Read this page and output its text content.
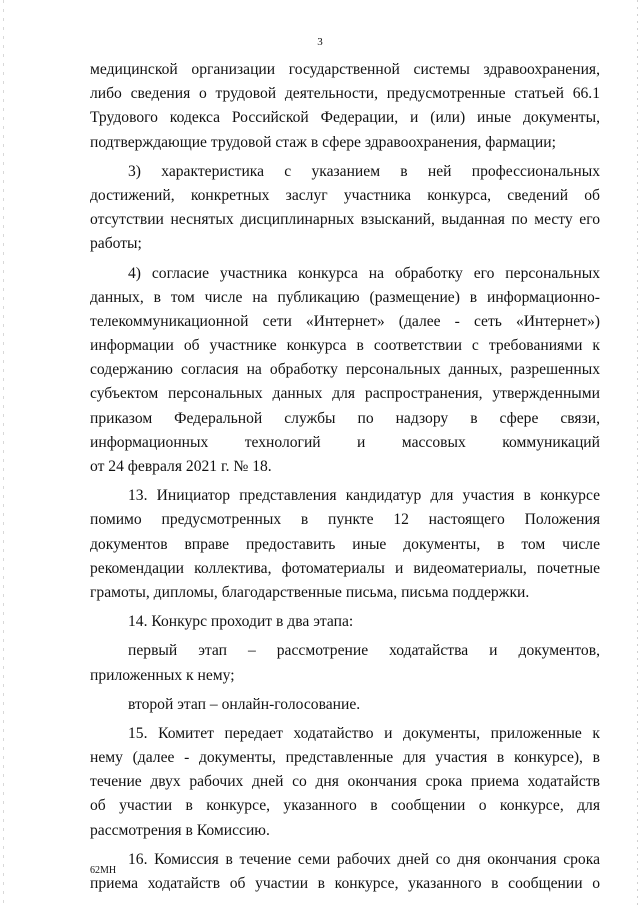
3
медицинской организации государственной системы здравоохранения,
либо сведения о трудовой деятельности, предусмотренные статьей 66.1
Трудового кодекса Российской Федерации, и (или) иные документы,
подтверждающие трудовой стаж в сфере здравоохранения, фармации;
3) характеристика с указанием в ней профессиональных
достижений, конкретных заслуг участника конкурса, сведений об
отсутствии неснятых дисциплинарных взысканий, выданная по месту его
работы;
4) согласие участника конкурса на обработку его персональных
данных, в том числе на публикацию (размещение) в информационно-
телекоммуникационной сети «Интернет» (далее - сеть «Интернет»)
информации об участнике конкурса в соответствии с требованиями к
содержанию согласия на обработку персональных данных, разрешенных
субъектом персональных данных для распространения, утвержденными
приказом Федеральной службы по надзору в сфере связи,
информационных технологий и массовых коммуникаций
от 24 февраля 2021 г. № 18.
13. Инициатор представления кандидатур для участия в конкурсе
помимо предусмотренных в пункте 12 настоящего Положения
документов вправе предоставить иные документы, в том числе
рекомендации коллектива, фотоматериалы и видеоматериалы, почетные
грамоты, дипломы, благодарственные письма, письма поддержки.
14. Конкурс проходит в два этапа:
первый этап – рассмотрение ходатайства и документов,
приложенных к нему;
второй этап – онлайн-голосование.
15. Комитет передает ходатайство и документы, приложенные к
нему (далее - документы, представленные для участия в конкурсе), в
течение двух рабочих дней со дня окончания срока приема ходатайств
об участии в конкурсе, указанного в сообщении о конкурсе, для
рассмотрения в Комиссию.
16. Комиссия в течение семи рабочих дней со дня окончания срока
приема ходатайств об участии в конкурсе, указанного в сообщении о
62МН
